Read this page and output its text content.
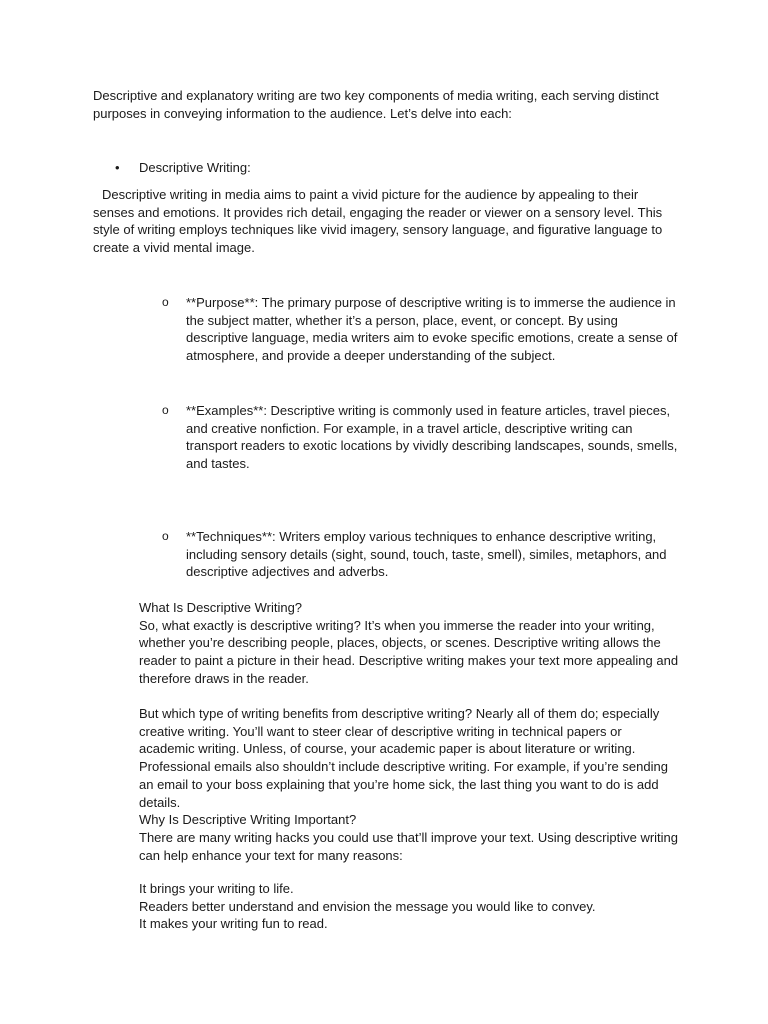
Descriptive and explanatory writing are two key components of media writing, each serving distinct purposes in conveying information to the audience. Let’s delve into each:

• Descriptive Writing:

Descriptive writing in media aims to paint a vivid picture for the audience by appealing to their senses and emotions. It provides rich detail, engaging the reader or viewer on a sensory level. This style of writing employs techniques like vivid imagery, sensory language, and figurative language to create a vivid mental image.

o **Purpose**: The primary purpose of descriptive writing is to immerse the audience in the subject matter, whether it’s a person, place, event, or concept. By using descriptive language, media writers aim to evoke specific emotions, create a sense of atmosphere, and provide a deeper understanding of the subject.
o **Examples**: Descriptive writing is commonly used in feature articles, travel pieces, and creative nonfiction. For example, in a travel article, descriptive writing can transport readers to exotic locations by vividly describing landscapes, sounds, smells, and tastes.
o **Techniques**: Writers employ various techniques to enhance descriptive writing, including sensory details (sight, sound, touch, taste, smell), similes, metaphors, and descriptive adjectives and adverbs.

What Is Descriptive Writing?

So, what exactly is descriptive writing? It’s when you immerse the reader into your writing, whether you’re describing people, places, objects, or scenes. Descriptive writing allows the reader to paint a picture in their head. Descriptive writing makes your text more appealing and therefore draws in the reader.

But which type of writing benefits from descriptive writing? Nearly all of them do; especially creative writing. You’ll want to steer clear of descriptive writing in technical papers or academic writing. Unless, of course, your academic paper is about literature or writing. Professional emails also shouldn’t include descriptive writing. For example, if you’re sending an email to your boss explaining that you’re home sick, the last thing you want to do is add details.

Why Is Descriptive Writing Important?

There are many writing hacks you could use that’ll improve your text. Using descriptive writing can help enhance your text for many reasons:

It brings your writing to life.

Readers better understand and envision the message you would like to convey.

It makes your writing fun to read.
